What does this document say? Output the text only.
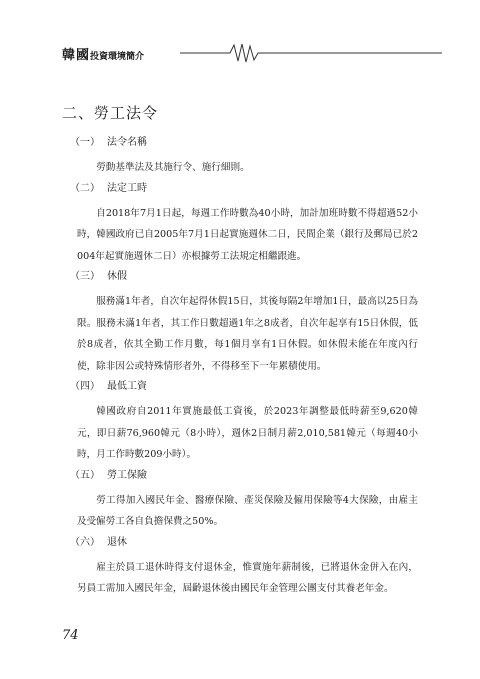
韓國投資環境簡介
二、勞工法令
（一） 法令名稱
勞動基準法及其施行令、施行細則。
（二） 法定工時
自2018年7月1日起，每週工作時數為40小時，加計加班時數不得超過52小時，韓國政府已自2005年7月1日起實施週休二日，民間企業（銀行及郵局已於2004年起實施週休二日）亦根據勞工法規定相繼跟進。
（三） 休假
服務滿1年者，自次年起得休假15日，其後每隔2年增加1日，最高以25日為限。服務未滿1年者，其工作日數超過1年之8成者，自次年起享有15日休假，低於8成者，依其全勤工作月數，每1個月享有1日休假。如休假未能在年度內行使，除非因公或特殊情形者外，不得移至下一年累積使用。
（四） 最低工資
韓國政府自2011年實施最低工資後，於2023年調整最低時薪至9,620韓元，即日薪76,960韓元（8小時），週休2日制月薪2,010,581韓元（每週40小時，月工作時數209小時）。
（五） 勞工保險
勞工得加入國民年金、醫療保險、產災保險及僱用保險等4大保險，由雇主及受僱勞工各自負擔保費之50%。
（六） 退休
雇主於員工退休時得支付退休金，惟實施年薪制後，已將退休金併入在內，另員工需加入國民年金，屆齡退休後由國民年金管理公團支付其養老年金。
74
